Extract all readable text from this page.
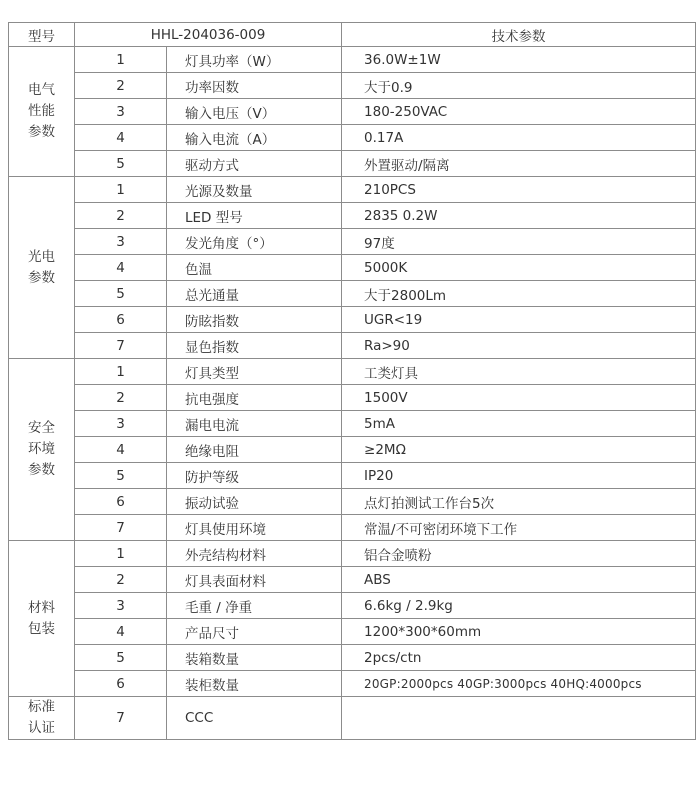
型号	HHL-204036-009		技术参数

电气
性能
参数	1	灯具功率（W）	36.0W±1W
	2	功率因数	大于0.9
	3	输入电压（V）	180-250VAC
	4	输入电流（A）	0.17A
	5	驱动方式	外置驱动/隔离

光电
参数	1	光源及数量	210PCS
	2	LED 型号	2835 0.2W
	3	发光角度（°）	97度
	4	色温	5000K
	5	总光通量	大于2800Lm
	6	防眩指数	UGR<19
	7	显色指数	Ra>90

安全
环境
参数	1	灯具类型	工类灯具
	2	抗电强度	1500V
	3	漏电电流	5mA
	4	绝缘电阻	≥2MΩ
	5	防护等级	IP20
	6	振动试验	点灯拍测试工作台5次
	7	灯具使用环境	常温/不可密闭环境下工作

材料
包装	1	外壳结构材料	铝合金喷粉
	2	灯具表面材料	ABS
	3	毛重 / 净重	6.6kg / 2.9kg
	4	产品尺寸	1200*300*60mm
	5	装箱数量	2pcs/ctn
	6	装柜数量	20GP:2000pcs 40GP:3000pcs 40HQ:4000pcs

标准
认证	7	CCC	
